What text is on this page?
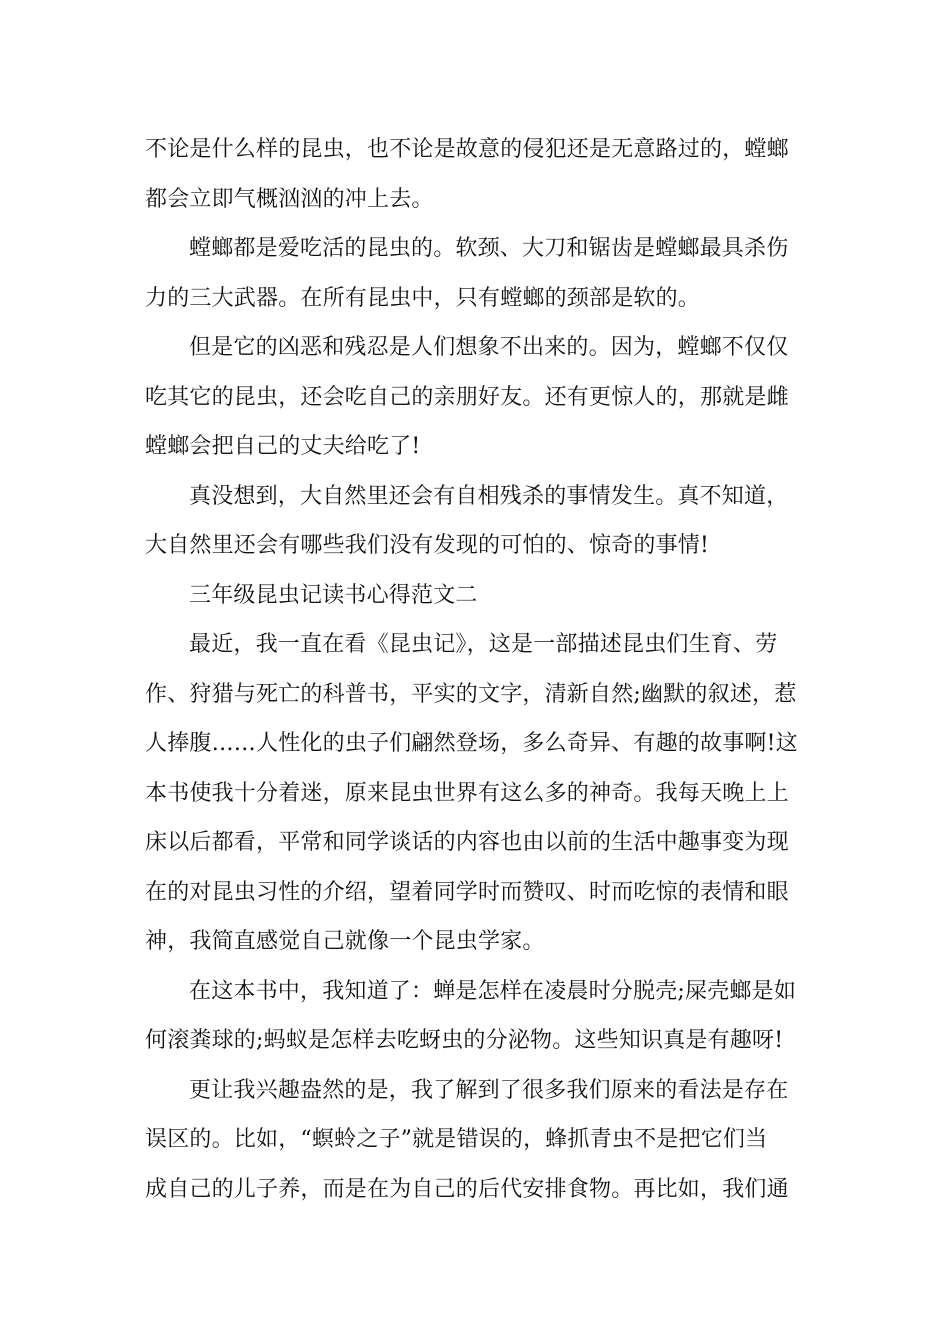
不论是什么样的昆虫，也不论是故意的侵犯还是无意路过的，螳螂
都会立即气概汹汹的冲上去。
螳螂都是爱吃活的昆虫的。软颈、大刀和锯齿是螳螂最具杀伤
力的三大武器。在所有昆虫中，只有螳螂的颈部是软的。
但是它的凶恶和残忍是人们想象不出来的。因为，螳螂不仅仅
吃其它的昆虫，还会吃自己的亲朋好友。还有更惊人的，那就是雌
螳螂会把自己的丈夫给吃了!
真没想到，大自然里还会有自相残杀的事情发生。真不知道，
大自然里还会有哪些我们没有发现的可怕的、惊奇的事情!
三年级昆虫记读书心得范文二
最近，我一直在看《昆虫记》，这是一部描述昆虫们生育、劳
作、狩猎与死亡的科普书，平实的文字，清新自然;幽默的叙述，惹
人捧腹……人性化的虫子们翩然登场，多么奇异、有趣的故事啊!这
本书使我十分着迷，原来昆虫世界有这么多的神奇。我每天晚上上
床以后都看，平常和同学谈话的内容也由以前的生活中趣事变为现
在的对昆虫习性的介绍，望着同学时而赞叹、时而吃惊的表情和眼
神，我简直感觉自己就像一个昆虫学家。
在这本书中，我知道了：蝉是怎样在凌晨时分脱壳;屎壳螂是如
何滚粪球的;蚂蚁是怎样去吃蚜虫的分泌物。这些知识真是有趣呀!
更让我兴趣盎然的是，我了解到了很多我们原来的看法是存在
误区的。比如，“螟蛉之子”就是错误的，蜂抓青虫不是把它们当
成自己的儿子养，而是在为自己的后代安排食物。再比如，我们通
